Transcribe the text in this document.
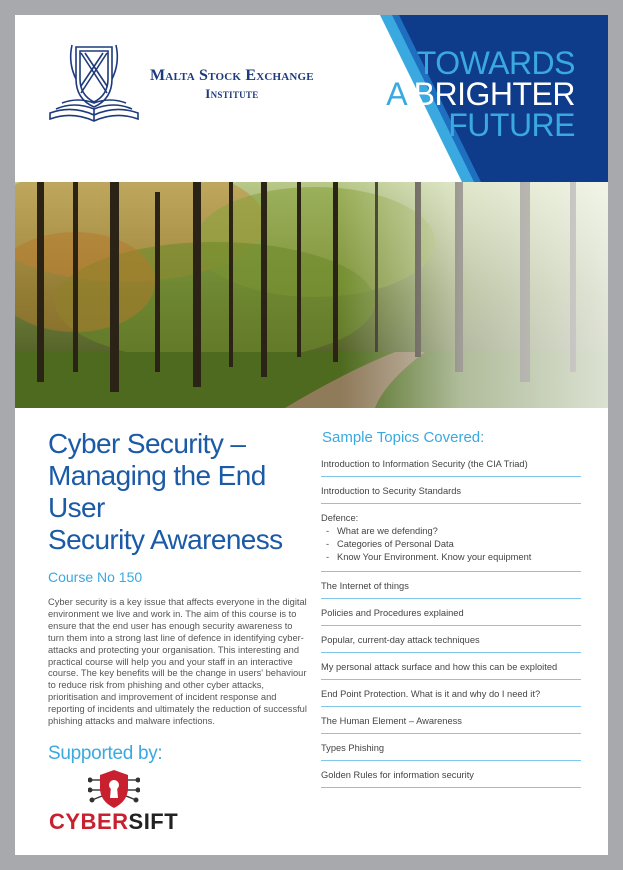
Malta Stock Exchange
Institute
TOWARDS
A BRIGHTER
FUTURE
Cyber Security –
Managing the End User
Security Awareness
Course No 150
Cyber security is a key issue that affects everyone in the digital environment we live and work in. The aim of this course is to ensure that the end user has enough security awareness to turn them into a strong last line of defence in identifying cyber-attacks and protecting your organisation. This interesting and practical course will help you and your staff in an interactive course. The key benefits will be the change in users' behaviour to reduce risk from phishing and other cyber attacks, prioritisation and improvement of incident response and reporting of incidents and ultimately the reduction of successful phishing attacks and malware infections.
Supported by:
CYBERSIFT
Sample Topics Covered:
Introduction to Information Security (the CIA Triad)
Introduction to Security Standards
Defence:
- What are we defending?
- Categories of Personal Data
- Know Your Environment. Know your equipment
The Internet of things
Policies and Procedures explained
Popular, current-day attack techniques
My personal attack surface and how this can be exploited
End Point Protection. What is it and why do I need it?
The Human Element – Awareness
Types Phishing
Golden Rules for information security
